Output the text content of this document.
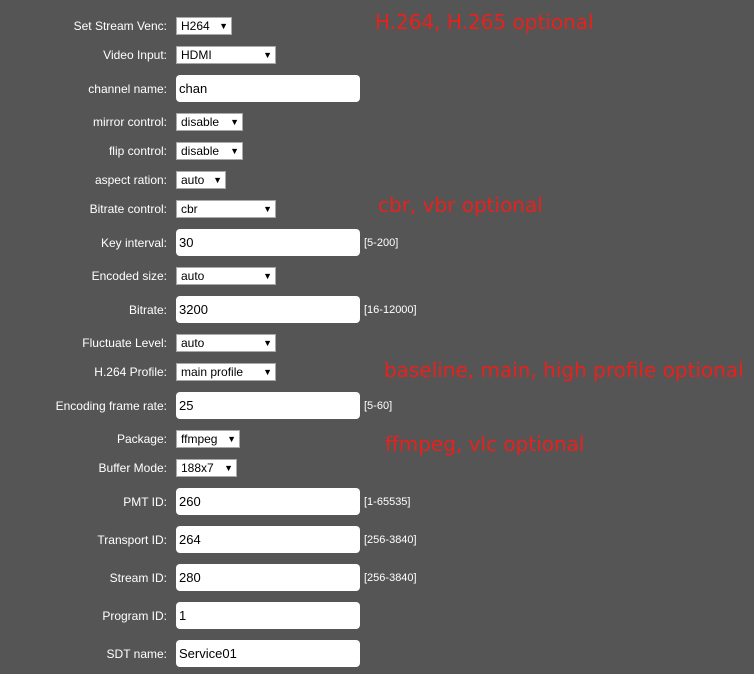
Set Stream Venc:	H264 ▼	H.264, H.265 optional
Video Input:	HDMI	▼
channel name: chan
mirror control:	disable ▼
flip control:	disable ▼
aspect ration:	auto ▼
Bitrate control:	cbr	▼	cbr, vbr optional
Key interval: 30	[5-200]
Encoded size:	auto	▼
Bitrate: 3200	[16-12000]
Fluctuate Level:	auto	▼
H.264 Profile:	main profile ▼	baseline, main, high profile optional
Encoding frame rate: 25	[5-60]
Package:	ffmpeg ▼	ffmpeg, vlc optional
Buffer Mode:	188x7 ▼
PMT ID: 260	[1-65535]
Transport ID: 264	[256-3840]
Stream ID: 280	[256-3840]
Program ID: 1
SDT name: Service01
